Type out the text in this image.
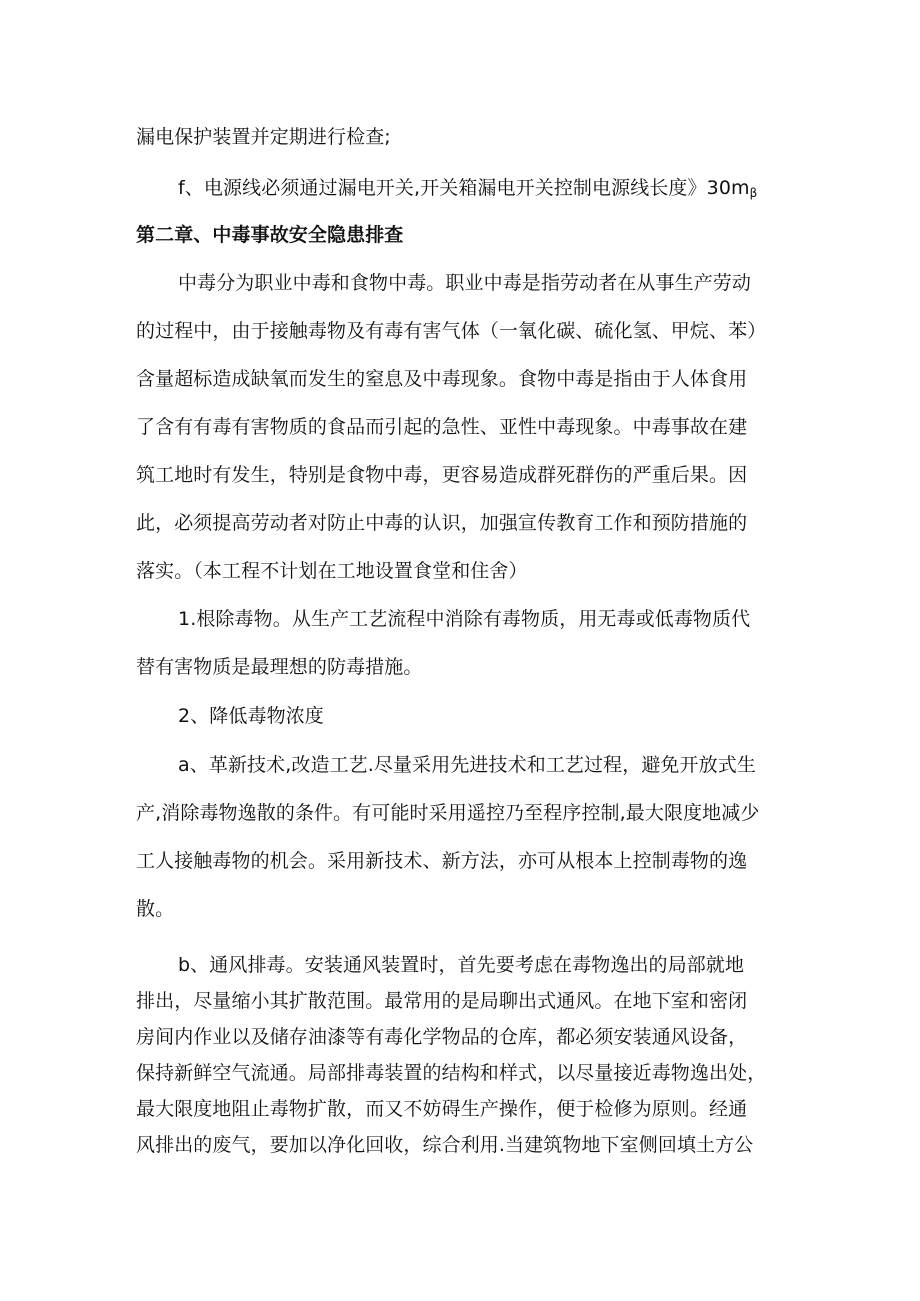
漏电保护装置并定期进行检查;
f、电源线必须通过漏电开关,开关箱漏电开关控制电源线长度》$30m_\beta$
第二章、中毒事故安全隐患排查
中毒分为职业中毒和食物中毒。职业中毒是指劳动者在从事生产劳动
的过程中，由于接触毒物及有毒有害气体（一氧化碳、硫化氢、甲烷、苯）
含量超标造成缺氧而发生的窒息及中毒现象。食物中毒是指由于人体食用
了含有有毒有害物质的食品而引起的急性、亚性中毒现象。中毒事故在建
筑工地时有发生，特别是食物中毒，更容易造成群死群伤的严重后果。因
此，必须提高劳动者对防止中毒的认识，加强宣传教育工作和预防措施的
落实。（本工程不计划在工地设置食堂和住舍）
1.根除毒物。从生产工艺流程中消除有毒物质，用无毒或低毒物质代
替有害物质是最理想的防毒措施。
2、降低毒物浓度
a、革新技术,改造工艺.尽量采用先进技术和工艺过程，避免开放式生
产,消除毒物逸散的条件。有可能时采用遥控乃至程序控制,最大限度地减少
工人接触毒物的机会。采用新技术、新方法，亦可从根本上控制毒物的逸
散。
b、通风排毒。安装通风装置时，首先要考虑在毒物逸出的局部就地
排出，尽量缩小其扩散范围。最常用的是局聊出式通风。在地下室和密闭
房间内作业以及储存油漆等有毒化学物品的仓库，都必须安装通风设备，
保持新鲜空气流通。局部排毒装置的结构和样式，以尽量接近毒物逸出处，
最大限度地阻止毒物扩散，而又不妨碍生产操作，便于检修为原则。经通
风排出的废气，要加以净化回收，综合利用.当建筑物地下室侧回填土方公
